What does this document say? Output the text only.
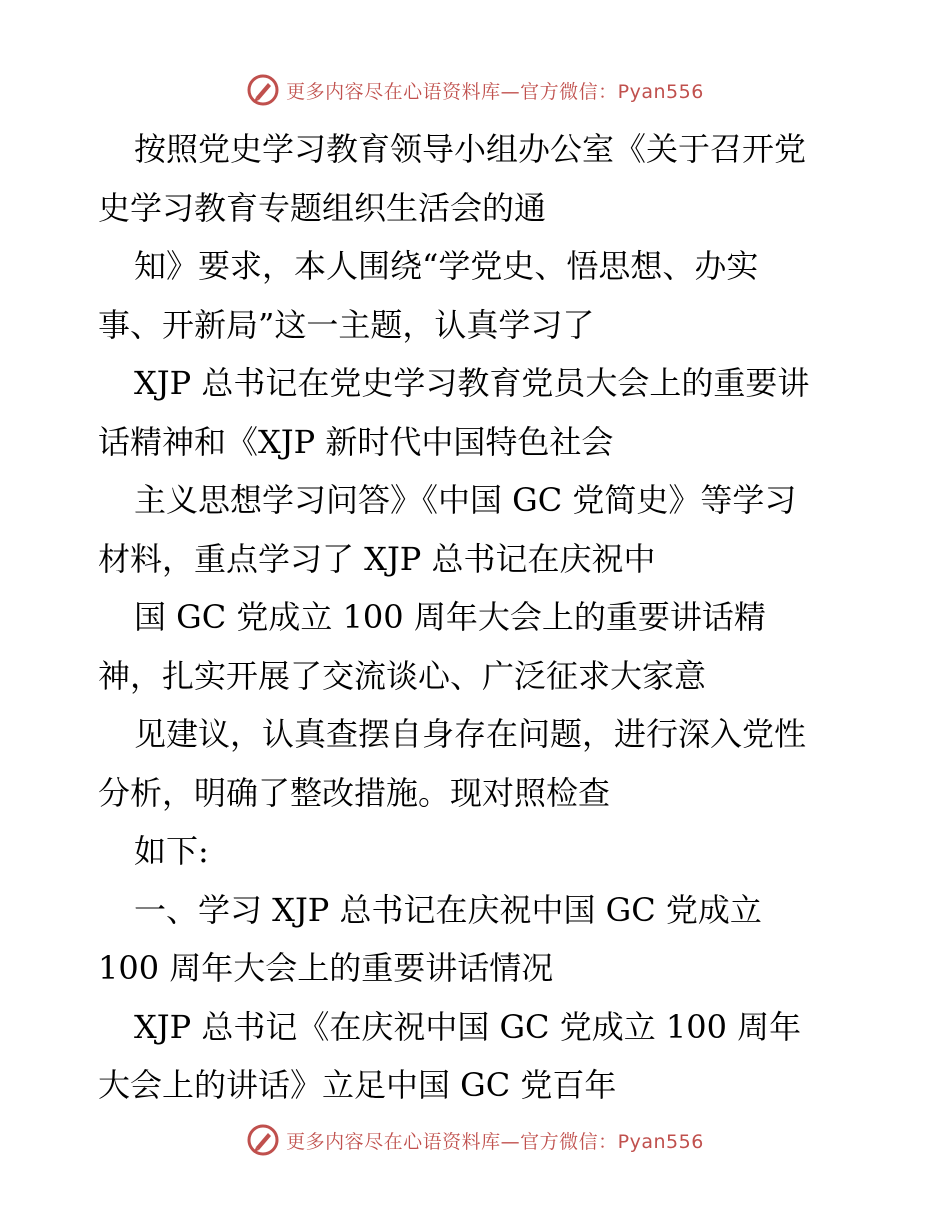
更多内容尽在心语资料库—官方微信：Pyan556
按照党史学习教育领导小组办公室《关于召开党
史学习教育专题组织生活会的通
知》要求，本人围绕“学党史、悟思想、办实
事、开新局”这一主题，认真学习了
XJP 总书记在党史学习教育党员大会上的重要讲
话精神和《XJP 新时代中国特色社会
主义思想学习问答》《中国 GC 党简史》等学习
材料，重点学习了 XJP 总书记在庆祝中
国 GC 党成立 100 周年大会上的重要讲话精
神，扎实开展了交流谈心、广泛征求大家意
见建议，认真查摆自身存在问题，进行深入党性
分析，明确了整改措施。现对照检查
如下:
一、学习 XJP 总书记在庆祝中国 GC 党成立
100 周年大会上的重要讲话情况
XJP 总书记《在庆祝中国 GC 党成立 100 周年
大会上的讲话》立足中国 GC 党百年
更多内容尽在心语资料库—官方微信：Pyan556
